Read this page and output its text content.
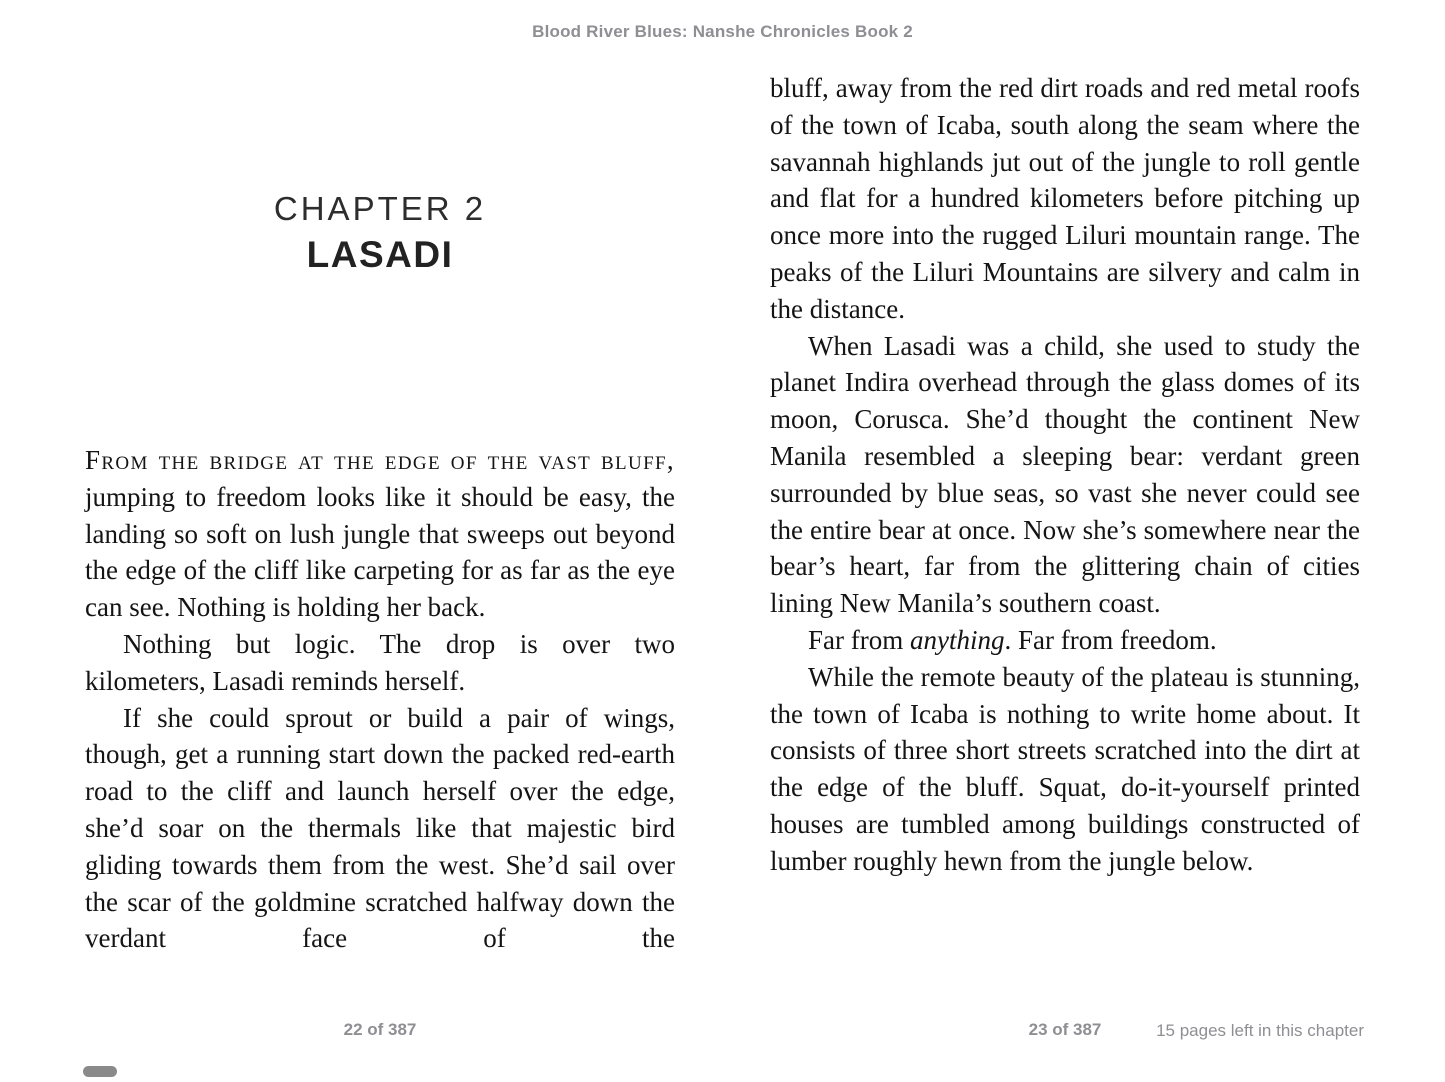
Blood River Blues: Nanshe Chronicles Book 2
CHAPTER 2
LASADI

From the bridge at the edge of the vast bluff, jumping to freedom looks like it should be easy, the landing so soft on lush jungle that sweeps out beyond the edge of the cliff like carpeting for as far as the eye can see. Nothing is holding her back.

Nothing but logic. The drop is over two kilometers, Lasadi reminds herself.

If she could sprout or build a pair of wings, though, get a running start down the packed red-earth road to the cliff and launch herself over the edge, she’d soar on the thermals like that majestic bird gliding towards them from the west. She’d sail over the scar of the goldmine scratched halfway down the verdant face of the

bluff, away from the red dirt roads and red metal roofs of the town of Icaba, south along the seam where the savannah highlands jut out of the jungle to roll gentle and flat for a hundred kilometers before pitching up once more into the rugged Liluri mountain range. The peaks of the Liluri Mountains are silvery and calm in the distance.

When Lasadi was a child, she used to study the planet Indira overhead through the glass domes of its moon, Corusca. She’d thought the continent New Manila resembled a sleeping bear: verdant green surrounded by blue seas, so vast she never could see the entire bear at once. Now she’s somewhere near the bear’s heart, far from the glittering chain of cities lining New Manila’s southern coast.

Far from anything. Far from freedom.

While the remote beauty of the plateau is stunning, the town of Icaba is nothing to write home about. It consists of three short streets scratched into the dirt at the edge of the bluff. Squat, do-it-yourself printed houses are tumbled among buildings constructed of lumber roughly hewn from the jungle below.

22 of 387	23 of 387	15 pages left in this chapter
